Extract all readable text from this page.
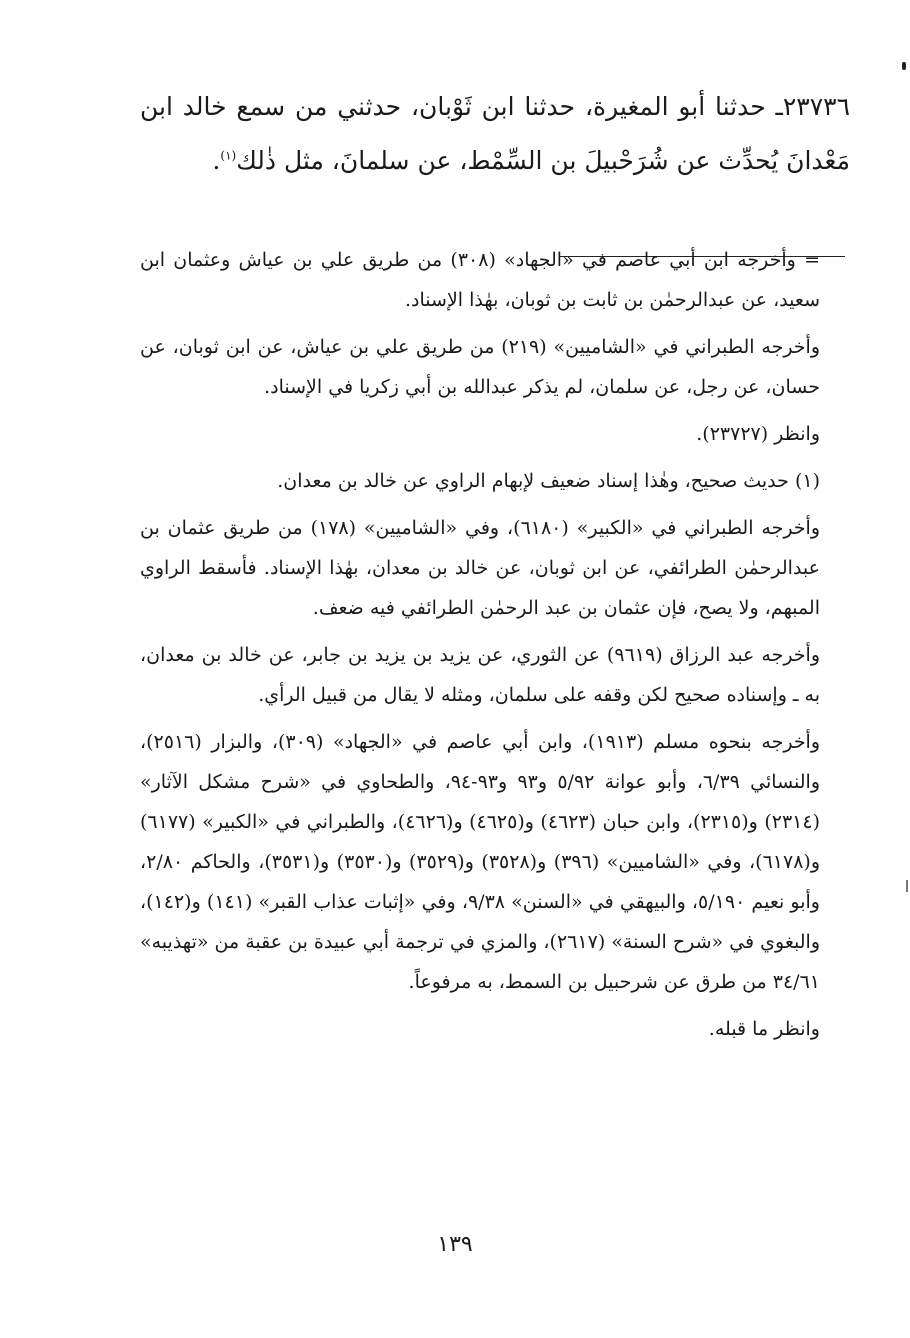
٢٣٧٣٦ـ حدثنا أبو المغيرة، حدثنا ابن ثَوْبان، حدثني من سمع خالد ابن مَعْدانَ يُحدِّث عن شُرَحْبيلَ بن السِّمْط، عن سلمانَ، مثل ذٰلك$^{(١)}$.

= وأخرجه ابن أبي عاصم في «الجهاد» (٣٠٨) من طريق علي بن عياش وعثمان ابن سعيد، عن عبدالرحمٰن بن ثابت بن ثوبان، بهٰذا الإسناد.

وأخرجه الطبراني في «الشاميين» (٢١٩) من طريق علي بن عياش، عن ابن ثوبان، عن حسان، عن رجل، عن سلمان، لم يذكر عبدالله بن أبي زكريا في الإسناد.

وانظر (٢٣٧٢٧).

(١) حديث صحيح، وهٰذا إسناد ضعيف لإبهام الراوي عن خالد بن معدان.

وأخرجه الطبراني في «الكبير» (٦١٨٠)، وفي «الشاميين» (١٧٨) من طريق عثمان بن عبدالرحمٰن الطرائفي، عن ابن ثوبان، عن خالد بن معدان، بهٰذا الإسناد. فأسقط الراوي المبهم، ولا يصح، فإن عثمان بن عبد الرحمٰن الطرائفي فيه ضعف.

وأخرجه عبد الرزاق (٩٦١٩) عن الثوري، عن يزيد بن يزيد بن جابر، عن خالد بن معدان، به ـ وإسناده صحيح لكن وقفه على سلمان، ومثله لا يقال من قبيل الرأي.

وأخرجه بنحوه مسلم (١٩١٣)، وابن أبي عاصم في «الجهاد» (٣٠٩)، والبزار (٢٥١٦)، والنسائي ٦/٣٩، وأبو عوانة ٥/٩٢ و٩٣ و٩٣-٩٤، والطحاوي في «شرح مشكل الآثار» (٢٣١٤) و(٢٣١٥)، وابن حبان (٤٦٢٣) و(٤٦٢٥) و(٤٦٢٦)، والطبراني في «الكبير» (٦١٧٧) و(٦١٧٨)، وفي «الشاميين» (٣٩٦) و(٣٥٢٨) و(٣٥٢٩) و(٣٥٣٠) و(٣٥٣١)، والحاكم ٢/٨٠، وأبو نعيم ٥/١٩٠، والبيهقي في «السنن» ٩/٣٨، وفي «إثبات عذاب القبر» (١٤١) و(١٤٢)، والبغوي في «شرح السنة» (٢٦١٧)، والمزي في ترجمة أبي عبيدة بن عقبة من «تهذيبه» ٣٤/٦١ من طرق عن شرحبيل بن السمط، به مرفوعاً.

وانظر ما قبله.

١٣٩
